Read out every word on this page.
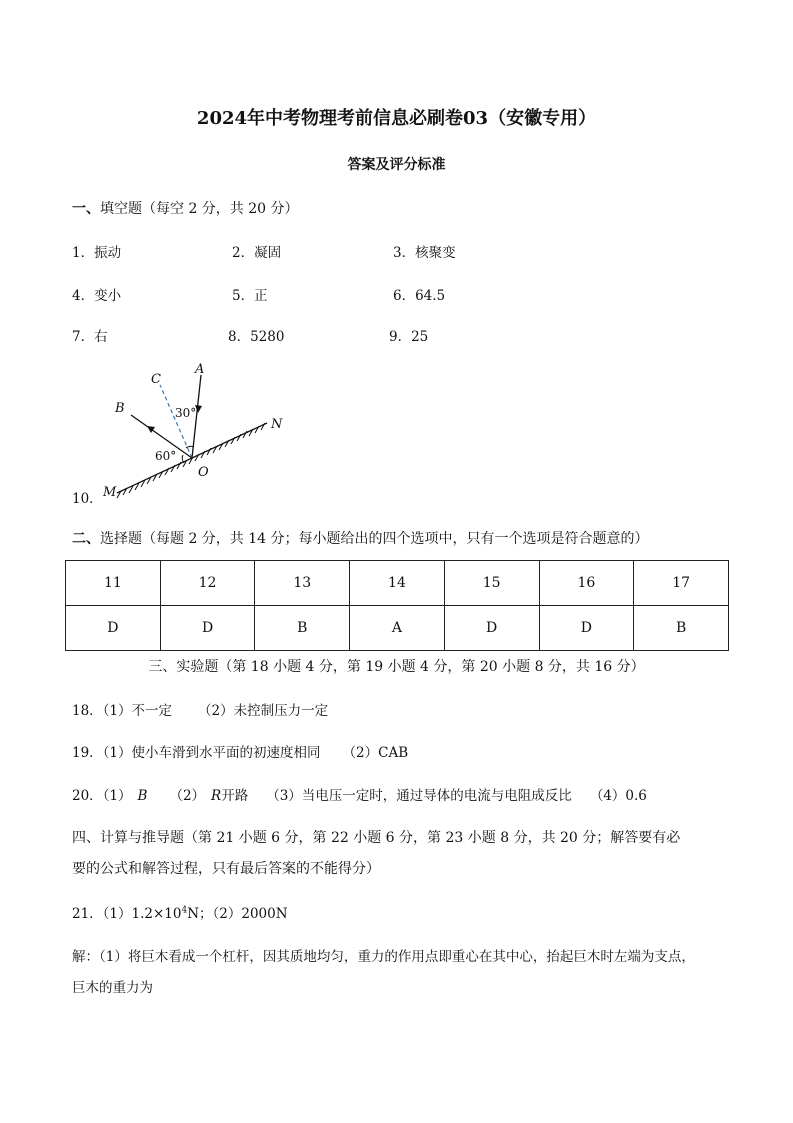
2024年中考物理考前信息必刷卷03（安徽专用）
答案及评分标准
一、填空题（每空 2 分，共 20 分）
1．振动	2．凝固	3．核聚变
4．变小	5．正	6．64.5
7．右	8．5280	9．25
10．
A
C
B
N
M
O
30°
60°
二、选择题（每题 2 分，共 14 分；每小题给出的四个选项中，只有一个选项是符合题意的）
11	12	13	14	15	16	17
D	D	B	A	D	D	B
三、实验题（第 18 小题 4 分，第 19 小题 4 分，第 20 小题 8 分，共 16 分）
18．（1）不一定 （2）未控制压力一定
19．（1）使小车滑到水平面的初速度相同 （2）CAB
20．（1） B （2） R开路 （3）当电压一定时，通过导体的电流与电阻成反比 （4）0.6
四、计算与推导题（第 21 小题 6 分，第 22 小题 6 分，第 23 小题 8 分，共 20 分；解答要有必
要的公式和解答过程，只有最后答案的不能得分）
21．$(1)1.2\times 10^4N$；（2）2000N
解：（1）将巨木看成一个杠杆，因其质地均匀，重力的作用点即重心在其中心，抬起巨木时左端为支点，
巨木的重力为
